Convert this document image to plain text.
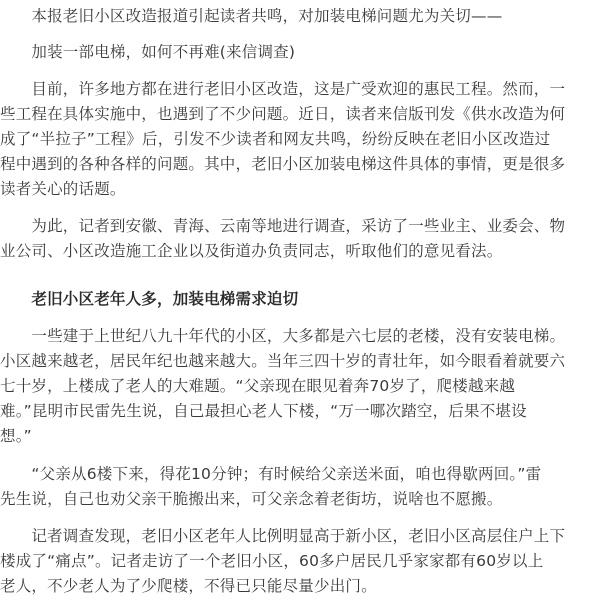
　　本报老旧小区改造报道引起读者共鸣，对加装电梯问题尤为关切——

　　加装一部电梯，如何不再难(来信调查)

　　目前，许多地方都在进行老旧小区改造，这是广受欢迎的惠民工程。然而，一

些工程在具体实施中，也遇到了不少问题。近日，读者来信版刊发《供水改造为何

成了“半拉子”工程》后，引发不少读者和网友共鸣，纷纷反映在老旧小区改造过

程中遇到的各种各样的问题。其中，老旧小区加装电梯这件具体的事情，更是很多

读者关心的话题。

　　为此，记者到安徽、青海、云南等地进行调查，采访了一些业主、业委会、物

业公司、小区改造施工企业以及街道办负责同志，听取他们的意见看法。

　　老旧小区老年人多，加装电梯需求迫切

　　一些建于上世纪八九十年代的小区，大多都是六七层的老楼，没有安装电梯。

小区越来越老，居民年纪也越来越大。当年三四十岁的青壮年，如今眼看着就要六

七十岁，上楼成了老人的大难题。“父亲现在眼见着奔70岁了，爬楼越来越

难。”昆明市民雷先生说，自己最担心老人下楼，“万一哪次踏空，后果不堪设

想。”

　　“父亲从6楼下来，得花10分钟；有时候给父亲送米面，咱也得歇两回。”雷

先生说，自己也劝父亲干脆搬出来，可父亲念着老街坊，说啥也不愿搬。

　　记者调查发现，老旧小区老年人比例明显高于新小区，老旧小区高层住户上下

楼成了“痛点”。记者走访了一个老旧小区，60多户居民几乎家家都有60岁以上

老人，不少老人为了少爬楼，不得已只能尽量少出门。
